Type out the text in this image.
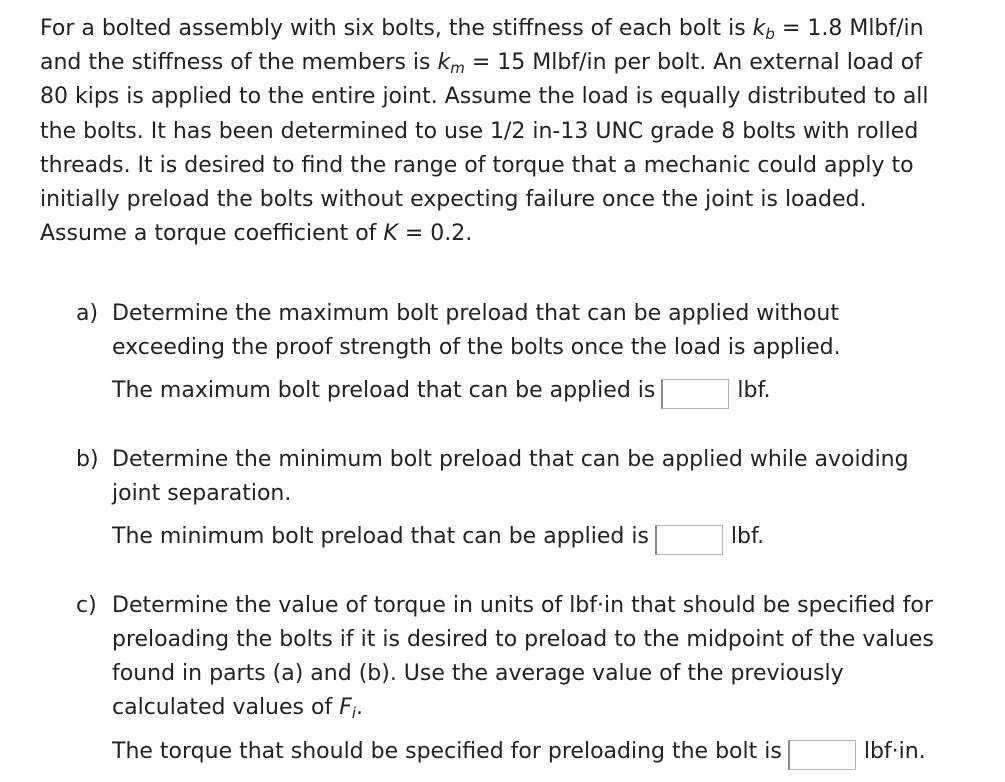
For a bolted assembly with six bolts, the stiffness of each bolt is $k_b = 1.8$ Mlbf/in
and the stiffness of the members is $k_m = 15$ Mlbf/in per bolt. An external load of
80 kips is applied to the entire joint. Assume the load is equally distributed to all
the bolts. It has been determined to use 1/2 in-13 UNC grade 8 bolts with rolled
threads. It is desired to find the range of torque that a mechanic could apply to
initially preload the bolts without expecting failure once the joint is loaded.
Assume a torque coefficient of K = 0.2.
a) Determine the maximum bolt preload that can be applied without
exceeding the proof strength of the bolts once the load is applied.
The maximum bolt preload that can be applied is	lbf.
b) Determine the minimum bolt preload that can be applied while avoiding
joint separation.
The minimum bolt preload that can be applied is	lbf.
c) Determine the value of torque in units of lbf·in that should be specified for
preloading the bolts if it is desired to preload to the midpoint of the values
found in parts (a) and (b). Use the average value of the previously
calculated values of $F_i$.
The torque that should be specified for preloading the bolt is	lbf·in.
